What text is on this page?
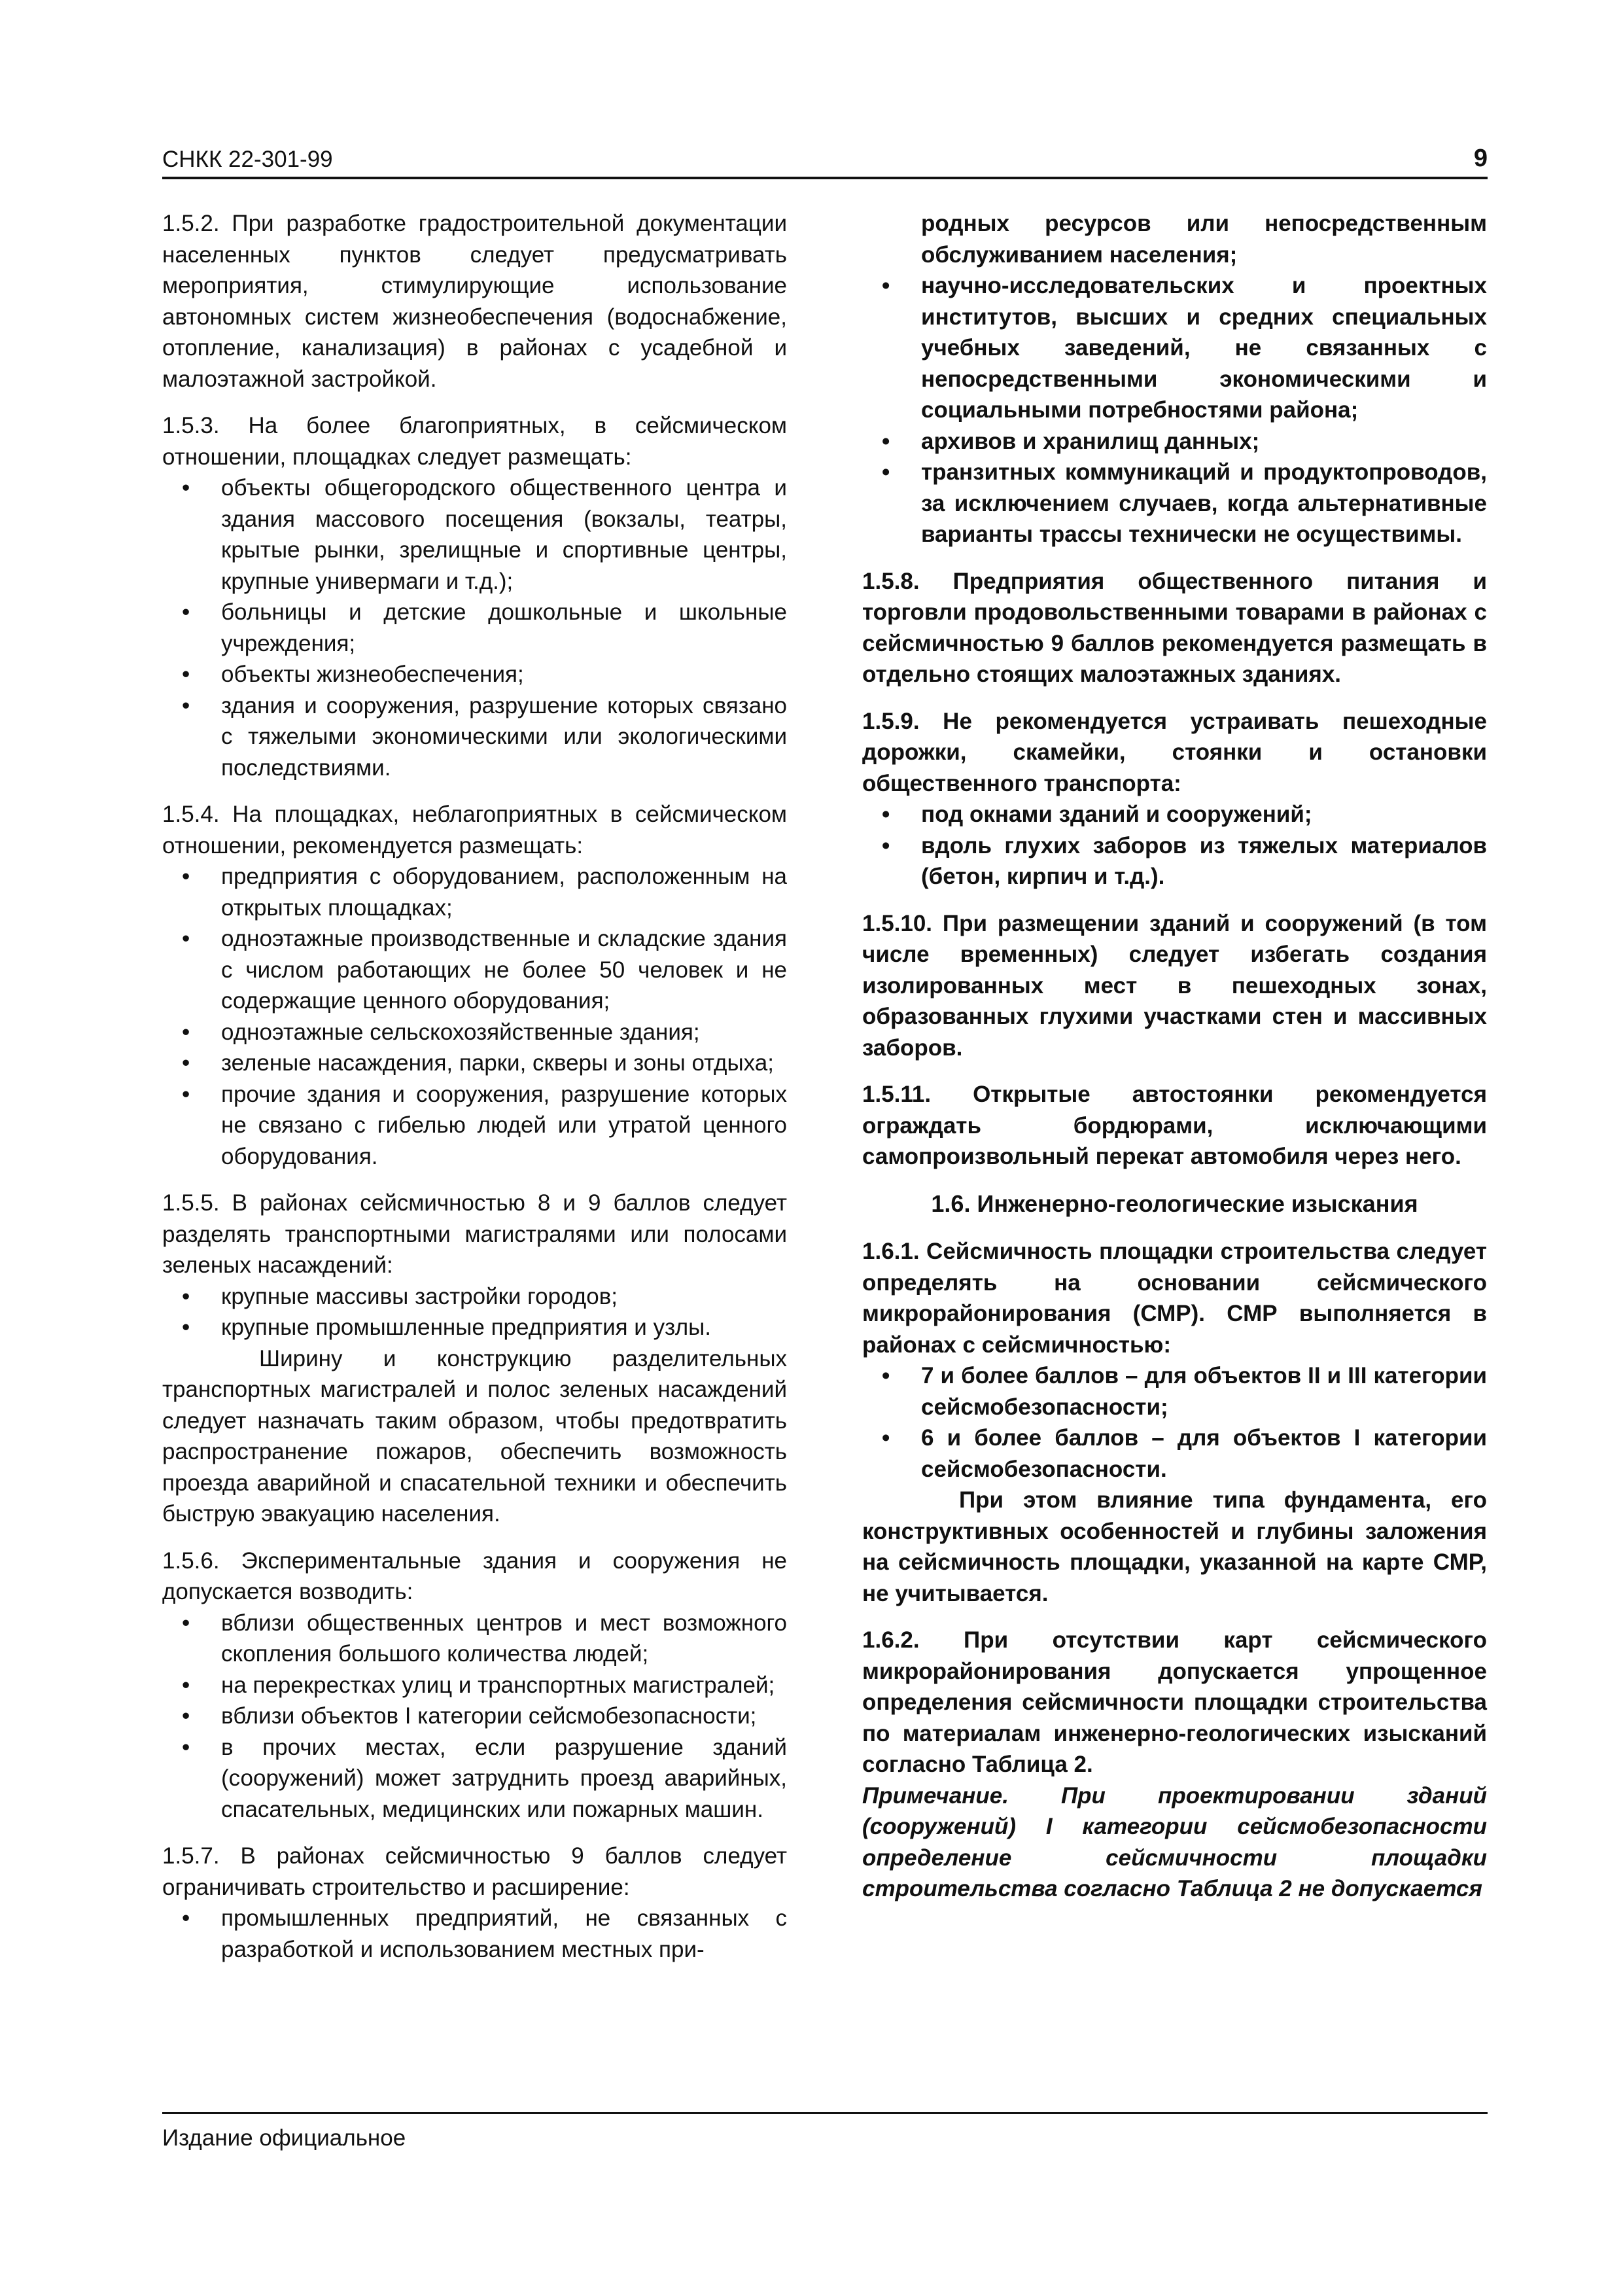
СНКК 22-301-99	9

1.5.2. При разработке градостроительной документации населенных пунктов следует предусматривать мероприятия, стимулирующие использование автономных систем жизнеобеспечения (водоснабжение, отопление, канализация) в районах с усадебной и малоэтажной застройкой.

1.5.3. На более благоприятных, в сейсмическом отношении, площадках следует размещать:

• объекты общегородского общественного центра и здания массового посещения (вокзалы, театры, крытые рынки, зрелищные и спортивные центры, крупные универмаги и т.д.);
• больницы и детские дошкольные и школьные учреждения;
• объекты жизнеобеспечения;
• здания и сооружения, разрушение которых связано с тяжелыми экономическими или экологическими последствиями.

1.5.4. На площадках, неблагоприятных в сейсмическом отношении, рекомендуется размещать:

• предприятия с оборудованием, расположенным на открытых площадках;
• одноэтажные производственные и складские здания с числом работающих не более 50 человек и не содержащие ценного оборудования;
• одноэтажные сельскохозяйственные здания;
• зеленые насаждения, парки, скверы и зоны отдыха;
• прочие здания и сооружения, разрушение которых не связано с гибелью людей или утратой ценного оборудования.

1.5.5. В районах сейсмичностью 8 и 9 баллов следует разделять транспортными магистралями или полосами зеленых насаждений:

• крупные массивы застройки городов;
• крупные промышленные предприятия и узлы.

Ширину и конструкцию разделительных транспортных магистралей и полос зеленых насаждений следует назначать таким образом, чтобы предотвратить распространение пожаров, обеспечить возможность проезда аварийной и спасательной техники и обеспечить быструю эвакуацию населения.

1.5.6. Экспериментальные здания и сооружения не допускается возводить:

• вблизи общественных центров и мест возможного скопления большого количества людей;
• на перекрестках улиц и транспортных магистралей;
• вблизи объектов I категории сейсмобезопасности;
• в прочих местах, если разрушение зданий (сооружений) может затруднить проезд аварийных, спасательных, медицинских или пожарных машин.

1.5.7. В районах сейсмичностью 9 баллов следует ограничивать строительство и расширение:

• промышленных предприятий, не связанных с разработкой и использованием местных при-

родных ресурсов или непосредственным обслуживанием населения;

• научно-исследовательских и проектных институтов, высших и средних специальных учебных заведений, не связанных с непосредственными экономическими и социальными потребностями района;
• архивов и хранилищ данных;
• транзитных коммуникаций и продуктопроводов, за исключением случаев, когда альтернативные варианты трассы технически не осуществимы.

1.5.8. Предприятия общественного питания и торговли продовольственными товарами в районах с сейсмичностью 9 баллов рекомендуется размещать в отдельно стоящих малоэтажных зданиях.

1.5.9. Не рекомендуется устраивать пешеходные дорожки, скамейки, стоянки и остановки общественного транспорта:

• под окнами зданий и сооружений;
• вдоль глухих заборов из тяжелых материалов (бетон, кирпич и т.д.).

1.5.10. При размещении зданий и сооружений (в том числе временных) следует избегать создания изолированных мест в пешеходных зонах, образованных глухими участками стен и массивных заборов.

1.5.11. Открытые автостоянки рекомендуется ограждать бордюрами, исключающими самопроизвольный перекат автомобиля через него.

1.6. Инженерно-геологические изыскания

1.6.1. Сейсмичность площадки строительства следует определять на основании сейсмического микрорайонирования (СМР). СМР выполняется в районах с сейсмичностью:

• 7 и более баллов – для объектов II и III категории сейсмобезопасности;
• 6 и более баллов – для объектов I категории сейсмобезопасности.

При этом влияние типа фундамента, его конструктивных особенностей и глубины заложения на сейсмичность площадки, указанной на карте СМР, не учитывается.

1.6.2. При отсутствии карт сейсмического микрорайонирования допускается упрощенное определения сейсмичности площадки строительства по материалам инженерно-геологических изысканий согласно Таблица 2.

Примечание. При проектировании зданий (сооружений) I категории сейсмобезопасности определение сейсмичности площадки строительства согласно Таблица 2 не допускается

Издание официальное
